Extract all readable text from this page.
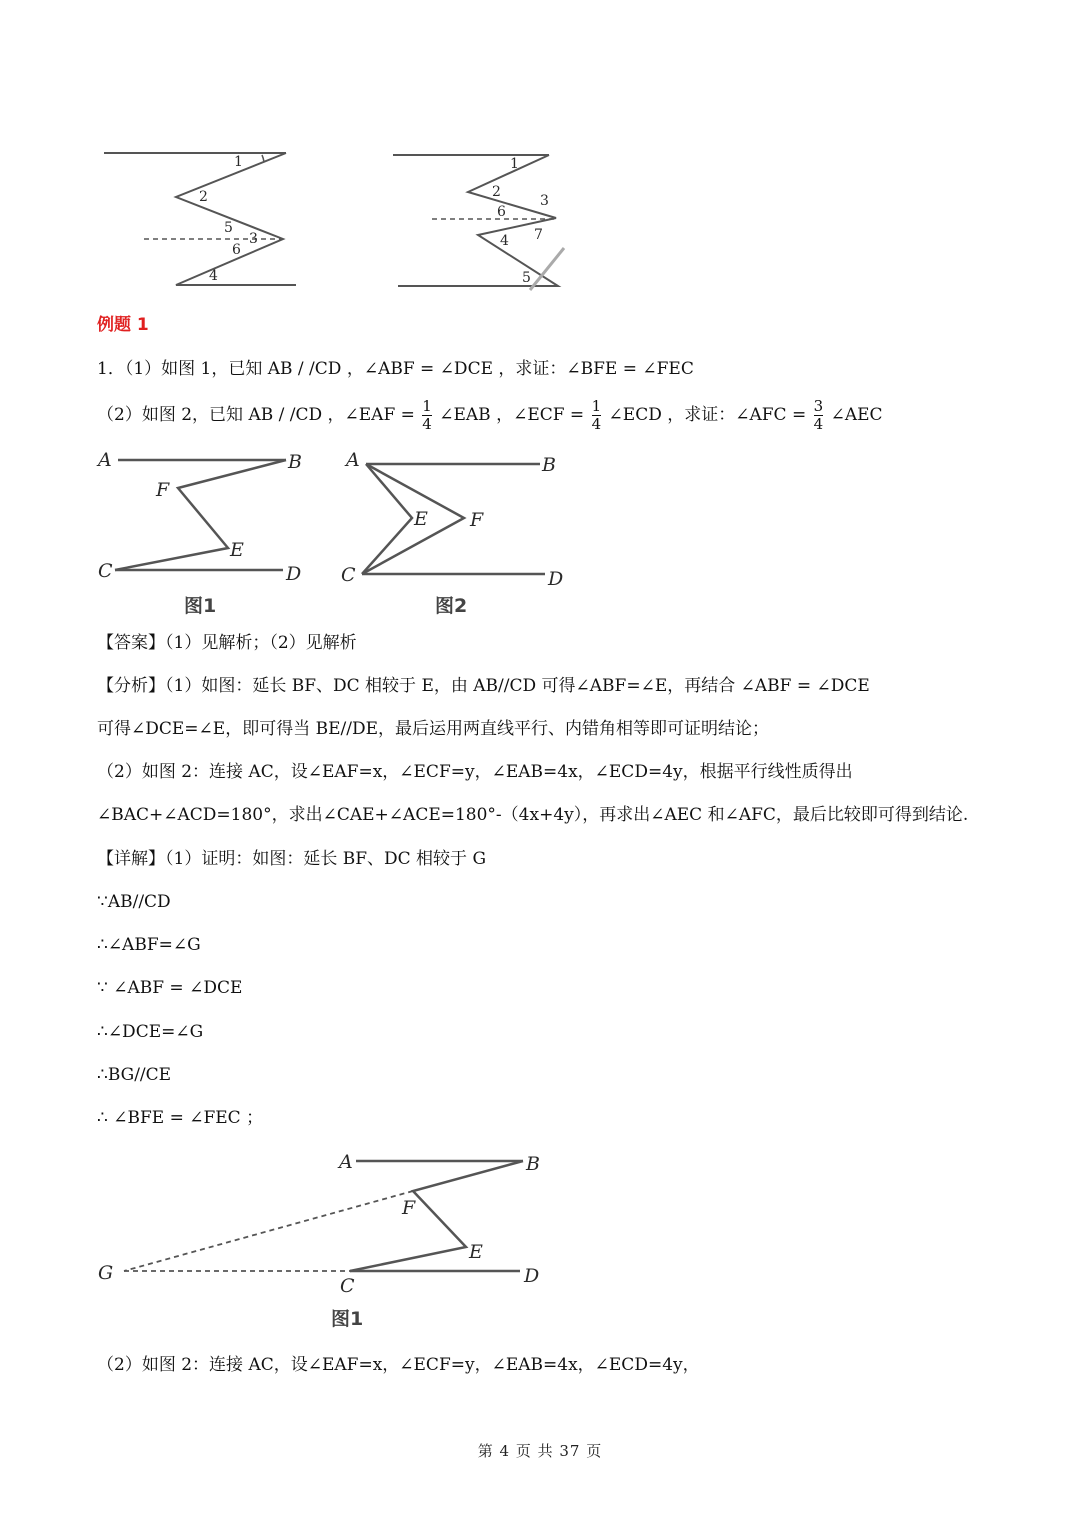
1
2
5
3
6
4
1
2
3
6
4 7
5
例题 1
1．（1）如图 1，已知 AB / /CD ，∠ABF = ∠DCE ，求证：∠BFE = ∠FEC
（2）如图 2，已知 AB / /CD ，∠EAF = $\frac{1}{4}$ ∠EAB ，∠ECF = $\frac{1}{4}$ ∠ECD ，求证：∠AFC = $\frac{3}{4}$ ∠AEC
A	B
F
E
C	D
图1
A	B
E F
C	D
图2
【答案】（1）见解析；（2）见解析
【分析】（1）如图：延长 BF、DC 相较于 E，由 AB//CD 可得∠ABF=∠E，再结合 ∠ABF = ∠DCE
可得∠DCE=∠E，即可得当 BE//DE，最后运用两直线平行、内错角相等即可证明结论；
（2）如图 2：连接 AC，设∠EAF=x，∠ECF=y，∠EAB=4x，∠ECD=4y，根据平行线性质得出
∠BAC+∠ACD=180°，求出∠CAE+∠ACE=180°-（4x+4y），再求出∠AEC 和∠AFC，最后比较即可得到结论.
【详解】（1）证明：如图：延长 BF、DC 相较于 G
∵AB//CD
∴∠ABF=∠G
∵ ∠ABF = ∠DCE
∴∠DCE=∠G
∴BG//CE
∴ ∠BFE = ∠FEC ；
A	B
F
E
G
C	D
图1
（2）如图 2：连接 AC，设∠EAF=x，∠ECF=y，∠EAB=4x，∠ECD=4y，
第 4 页 共 37 页
